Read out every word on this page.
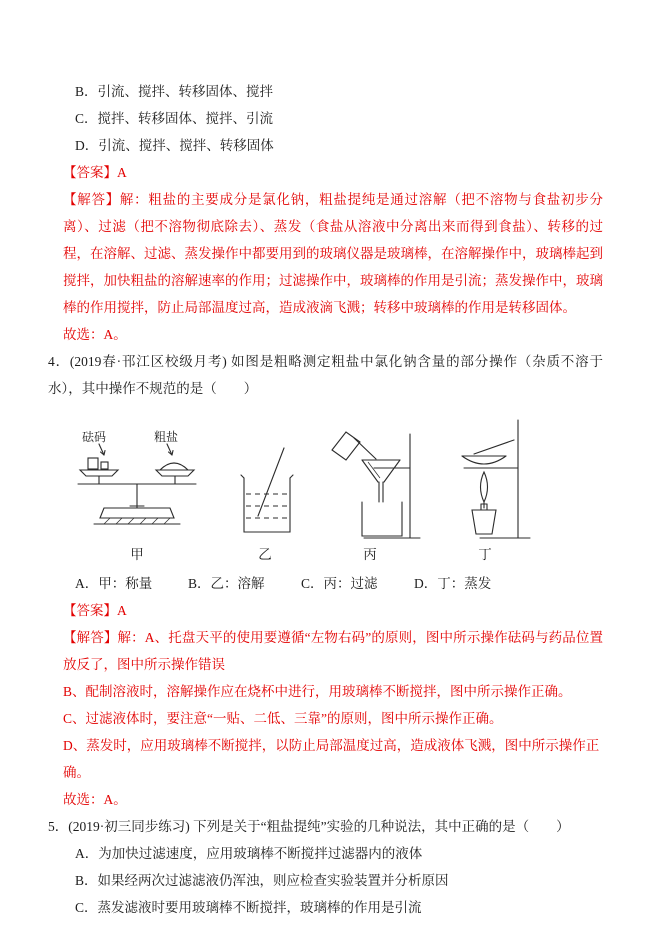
B．引流、搅拌、转移固体、搅拌
C．搅拌、转移固体、搅拌、引流
D．引流、搅拌、搅拌、转移固体
【答案】A
【解答】解：粗盐的主要成分是氯化钠，粗盐提纯是通过溶解（把不溶物与食盐初步分离）、过滤（把不溶物彻底除去）、蒸发（食盐从溶液中分离出来而得到食盐）、转移的过程，在溶解、过滤、蒸发操作中都要用到的玻璃仪器是玻璃棒，在溶解操作中，玻璃棒起到搅拌，加快粗盐的溶解速率的作用；过滤操作中，玻璃棒的作用是引流；蒸发操作中，玻璃棒的作用搅拌，防止局部温度过高，造成液滴飞溅；转移中玻璃棒的作用是转移固体。
故选：A。
4．(2019春·邗江区校级月考) 如图是粗略测定粗盐中氯化钠含量的部分操作（杂质不溶于水），其中操作不规范的是（　　）
砝码	粗盐
甲	乙	丙	丁
A．甲：称量	B．乙：溶解	C．丙：过滤	D．丁：蒸发
【答案】A
【解答】解：A、托盘天平的使用要遵循“左物右码”的原则，图中所示操作砝码与药品位置放反了，图中所示操作错误
B、配制溶液时，溶解操作应在烧杯中进行，用玻璃棒不断搅拌，图中所示操作正确。
C、过滤液体时，要注意“一贴、二低、三靠”的原则，图中所示操作正确。
D、蒸发时，应用玻璃棒不断搅拌，以防止局部温度过高，造成液体飞溅，图中所示操作正确。
故选：A。
5．(2019·初三同步练习) 下列是关于“粗盐提纯”实验的几种说法，其中正确的是（　　）
A．为加快过滤速度，应用玻璃棒不断搅拌过滤器内的液体
B．如果经两次过滤滤液仍浑浊，则应检查实验装置并分析原因
C．蒸发滤液时要用玻璃棒不断搅拌，玻璃棒的作用是引流
